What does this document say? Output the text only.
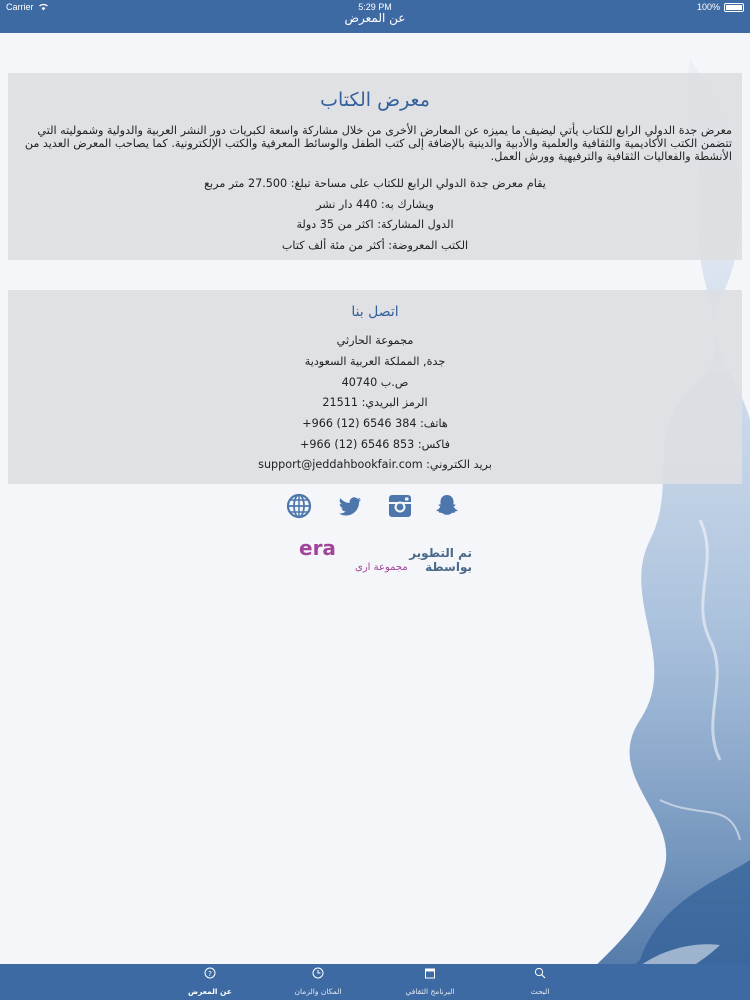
Carrier	5:29 PM	100%
عن المعرض
معرض الكتاب
معرض جدة الدولي الرابع للكتاب يأتي ليضيف ما يميزه عن المعارض الأخرى من خلال مشاركة واسعة لكبريات دور النشر العربية والدولية وشموليته التي تتضمن الكتب الأكاديمية والثقافية والعلمية والأدبية والدينية بالإضافة إلى كتب الطفل والوسائط المعرفية والكتب الإلكترونية. كما يصاحب المعرض العديد من الأنشطة والفعاليات الثقافية والترفيهية وورش العمل.
يقام معرض جدة الدولي الرابع للكتاب على مساحة تبلغ: 27.500 متر مربع
ويشارك به: 440 دار نشر
الدول المشاركة: اكثر من 35 دولة
الكتب المعروضة: أكثر من مئة ألف كتاب
اتصل بنا
مجموعة الحارثي
جدة, المملكة العربية السعودية
ص.ب 40740
الرمز البريدي: 21511
هاتف: 384 6546 (12) 966+
فاكس: 853 6546 (12) 966+
بريد الكتروني: support@jeddahbookfair.com
تم التطوير بواسطة
era
مجموعة ارى
البحث
البرنامج الثقافي
المكان والزمان
?
عن المعرض
